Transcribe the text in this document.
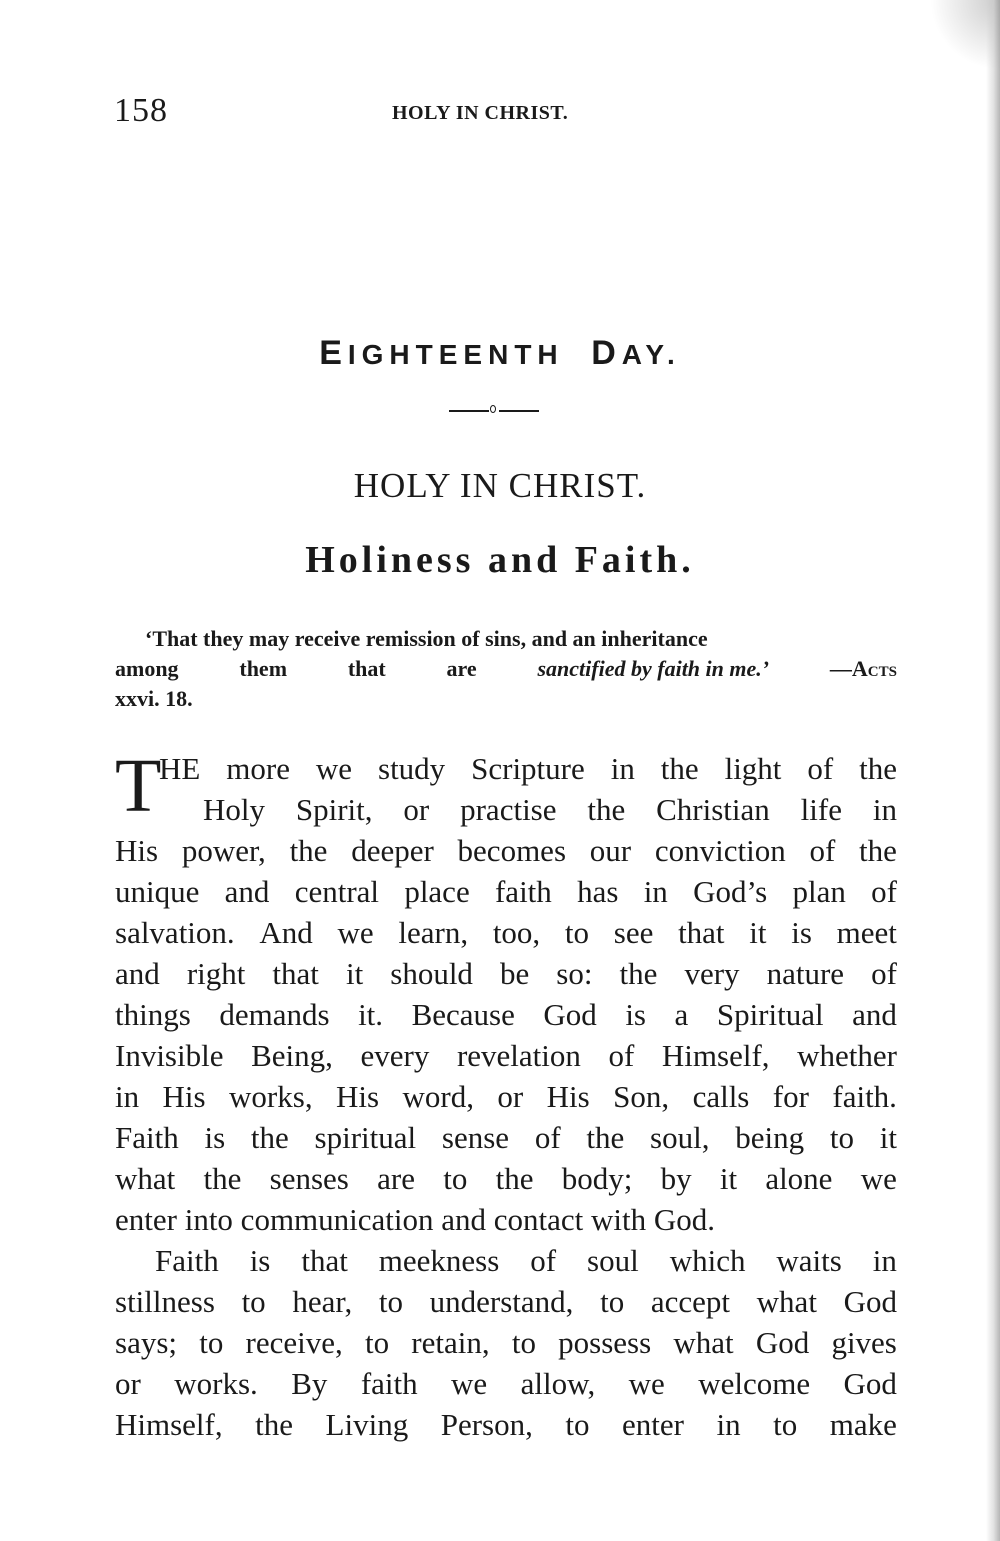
158	HOLY IN CHRIST.
EIGHTEENTH DAY.
HOLY IN CHRIST.
Holiness and Faith.
‘That they may receive remission of sins, and an inheritance
among	them	that	are	sanctified by faith in me.’	—Acts
xxvi. 18.
T
HE more we study Scripture in the light of the
Holy Spirit, or practise the Christian life in
His power, the deeper becomes our conviction of the
unique and central place faith has in God’s plan of
salvation. And we learn, too, to see that it is meet
and right that it should be so: the very nature of
things demands it. Because God is a Spiritual and
Invisible Being, every revelation of Himself, whether
in His works, His word, or His Son, calls for faith.
Faith is the spiritual sense of the soul, being to it
what the senses are to the body; by it alone we
enter into communication and contact with God.
Faith is that meekness of soul which waits in
stillness to hear, to understand, to accept what God
says; to receive, to retain, to possess what God gives
or works. By faith we allow, we welcome God
Himself, the Living Person, to enter in to make
